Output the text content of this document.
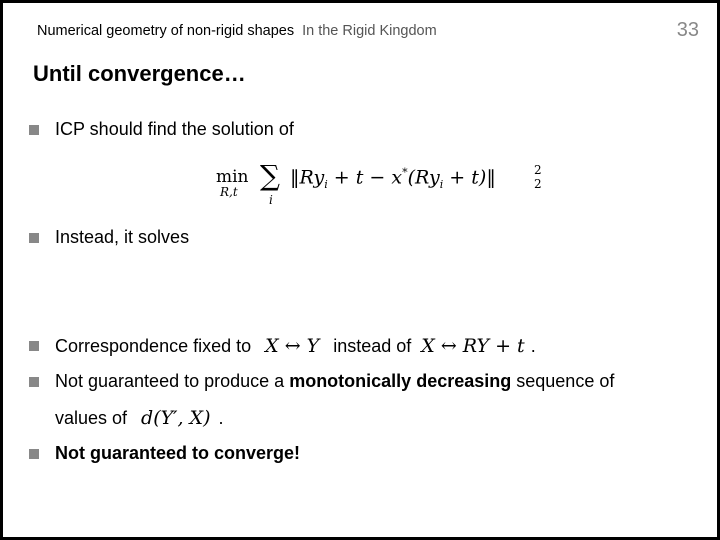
Numerical geometry of non-rigid shapes In the Rigid Kingdom	33
Until convergence…
ICP should find the solution of
min
R,t ∑
i
$‖Ry_i + t - x^*(Ry_i$ + t)‖	2
2
Instead, it solves
Correspondence fixed to X ↔ Y instead of X ↔ RY + t .
Not guaranteed to produce a
monotonically decreasing
sequence of
values of d(Y′, X) .
Not guaranteed to converge!
